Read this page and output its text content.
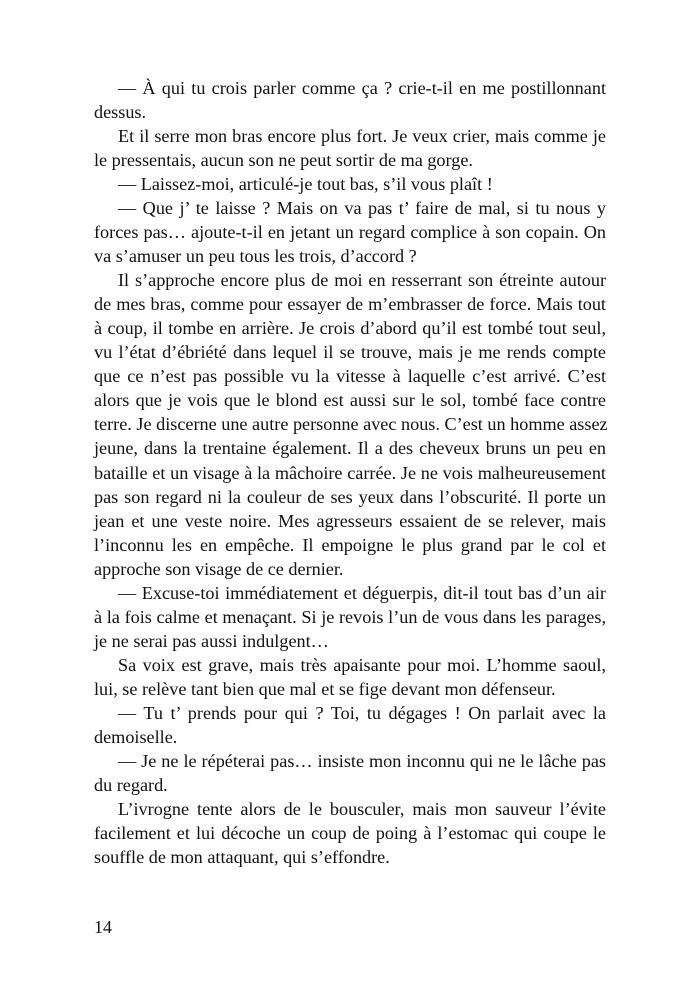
— À qui tu crois parler comme ça ? crie-t-il en me postillonnant
dessus.
Et il serre mon bras encore plus fort. Je veux crier, mais comme je
le pressentais, aucun son ne peut sortir de ma gorge.
— Laissez-moi, articulé-je tout bas, s’il vous plaît !
— Que j’ te laisse ? Mais on va pas t’ faire de mal, si tu nous y
forces pas… ajoute-t-il en jetant un regard complice à son copain. On
va s’amuser un peu tous les trois, d’accord ?
Il s’approche encore plus de moi en resserrant son étreinte autour
de mes bras, comme pour essayer de m’embrasser de force. Mais tout
à coup, il tombe en arrière. Je crois d’abord qu’il est tombé tout seul,
vu l’état d’ébriété dans lequel il se trouve, mais je me rends compte
que ce n’est pas possible vu la vitesse à laquelle c’est arrivé. C’est
alors que je vois que le blond est aussi sur le sol, tombé face contre
terre. Je discerne une autre personne avec nous. C’est un homme assez
jeune, dans la trentaine également. Il a des cheveux bruns un peu en
bataille et un visage à la mâchoire carrée. Je ne vois malheureusement
pas son regard ni la couleur de ses yeux dans l’obscurité. Il porte un
jean et une veste noire. Mes agresseurs essaient de se relever, mais
l’inconnu les en empêche. Il empoigne le plus grand par le col et
approche son visage de ce dernier.
— Excuse-toi immédiatement et déguerpis, dit-il tout bas d’un air
à la fois calme et menaçant. Si je revois l’un de vous dans les parages,
je ne serai pas aussi indulgent…
Sa voix est grave, mais très apaisante pour moi. L’homme saoul,
lui, se relève tant bien que mal et se fige devant mon défenseur.
— Tu t’ prends pour qui ? Toi, tu dégages ! On parlait avec la
demoiselle.
— Je ne le répéterai pas… insiste mon inconnu qui ne le lâche pas
du regard.
L’ivrogne tente alors de le bousculer, mais mon sauveur l’évite
facilement et lui décoche un coup de poing à l’estomac qui coupe le
souffle de mon attaquant, qui s’effondre.
14
